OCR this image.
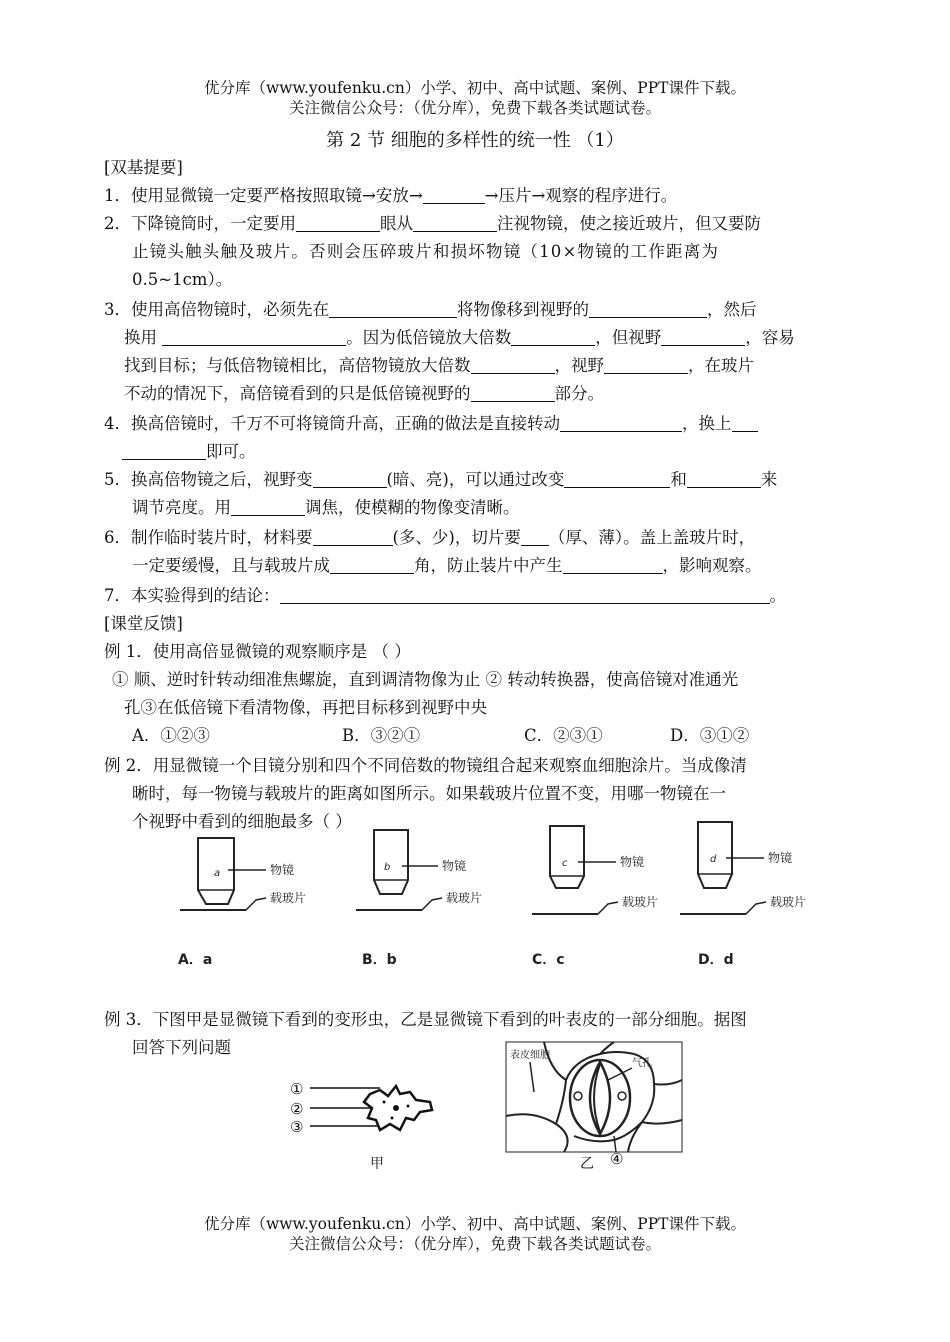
优分库（www.youfenku.cn）小学、初中、高中试题、案例、PPT课件下载。
关注微信公众号：（优分库），免费下载各类试题试卷。
第 2 节 细胞的多样性的统一性 （1）
[双基提要]
1．使用显微镜一定要严格按照取镜→安放→	→压片→观察的程序进行。
2．下降镜筒时，一定要用	眼从	注视物镜，使之接近玻片，但又要防
止镜头触头触及玻片。否则会压碎玻片和损坏物镜（10×物镜的工作距离为
0.5~1cm）。
3．使用高倍物镜时，必须先在	将物像移到视野的	，然后
换用	。因为低倍镜放大倍数	，但视野	，容易
找到目标；与低倍物镜相比，高倍物镜放大倍数	，视野	，在玻片
不动的情况下，高倍镜看到的只是低倍镜视野的	部分。
4．换高倍镜时，千万不可将镜筒升高，正确的做法是直接转动	，换上
即可。
5．换高倍物镜之后，视野变	(暗、亮)，可以通过改变	和	来
调节亮度。用	调焦，使模糊的物像变清晰。
6．制作临时装片时，材料要	(多、少)，切片要 （厚、薄）。盖上盖玻片时，
一定要缓慢，且与载玻片成	角，防止装片中产生	，影响观察。
7．本实验得到的结论：	。
[课堂反馈]
例 1．使用高倍显微镜的观察顺序是 （ ）
① 顺、逆时针转动细准焦螺旋，直到调清物像为止 ② 转动转换器，使高倍镜对准通光
孔③在低倍镜下看清物像，再把目标移到视野中央
A．①②③	B．③②①	C．②③①	D．③①②
例 2．用显微镜一个目镜分别和四个不同倍数的物镜组合起来观察血细胞涂片。当成像清
晰时，每一物镜与载玻片的距离如图所示。如果载玻片位置不变，用哪一物镜在一
个视野中看到的细胞最多（ ）
a	物镜
载玻片
A．a
b	物镜
载玻片
B．b
c	物镜
载玻片
C．c
d	物镜
载玻片
D．d
例 3．下图甲是显微镜下看到的变形虫，乙是显微镜下看到的叶表皮的一部分细胞。据图
回答下列问题
①
②
③
甲
表皮细胞
气孔
乙 ④
优分库（www.youfenku.cn）小学、初中、高中试题、案例、PPT课件下载。
关注微信公众号：（优分库），免费下载各类试题试卷。
